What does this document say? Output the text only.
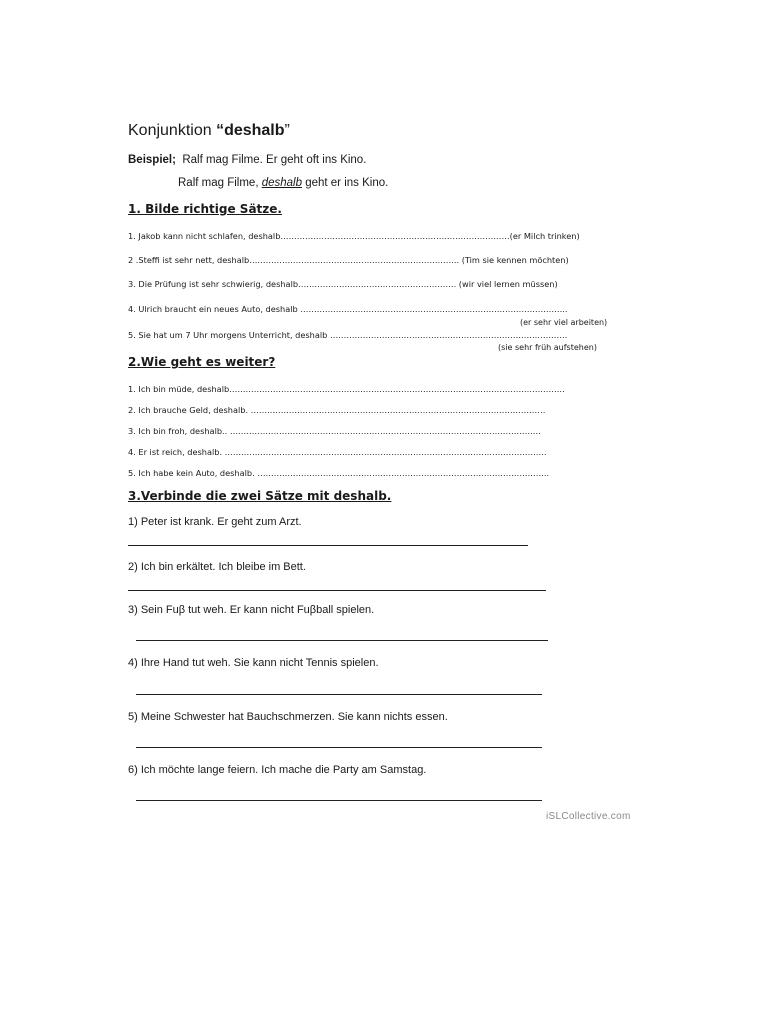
Konjunktion “deshalb”
Beispiel; Ralf mag Filme. Er geht oft ins Kino.
Ralf mag Filme, deshalb geht er ins Kino.
1. Bilde richtige Sätze.
1. Jakob kann nicht schlafen, deshalb…………………………………………………………………………(er Milch trinken)
2 .Steffi ist sehr nett, deshalb………………………………………………………………….. (Tim sie kennen möchten)
3. Die Prüfung ist sehr schwierig, deshalb…………………………………………………. (wir viel lernen müssen)
4. Ulrich braucht ein neues Auto, deshalb ……………………………………………………………………………………..
(er sehr viel arbeiten)
5. Sie hat um 7 Uhr morgens Unterricht, deshalb ……………………………………………………………………………
(sie sehr früh aufstehen)
2.Wie geht es weiter?
1. Ich bin müde, deshalb……………………………………………………………………………………………………………
2. Ich brauche Geld, deshalb. ………………………………………………………………………………………………
3. Ich bin froh, deshalb.. ……………………………………………………………………………………………………
4. Er ist reich, deshalb. ……………………………………………………………………………………………………….
5. Ich habe kein Auto, deshalb. ……………………………………………………………………………………………..
3.Verbinde die zwei Sätze mit deshalb.
1) Peter ist krank. Er geht zum Arzt.
2) Ich bin erkältet. Ich bleibe im Bett.
3) Sein Fuβ tut weh. Er kann nicht Fuβball spielen.
4) Ihre Hand tut weh. Sie kann nicht Tennis spielen.
5) Meine Schwester hat Bauchschmerzen. Sie kann nichts essen.
6) Ich möchte lange feiern. Ich mache die Party am Samstag.
iSLCollective.com
